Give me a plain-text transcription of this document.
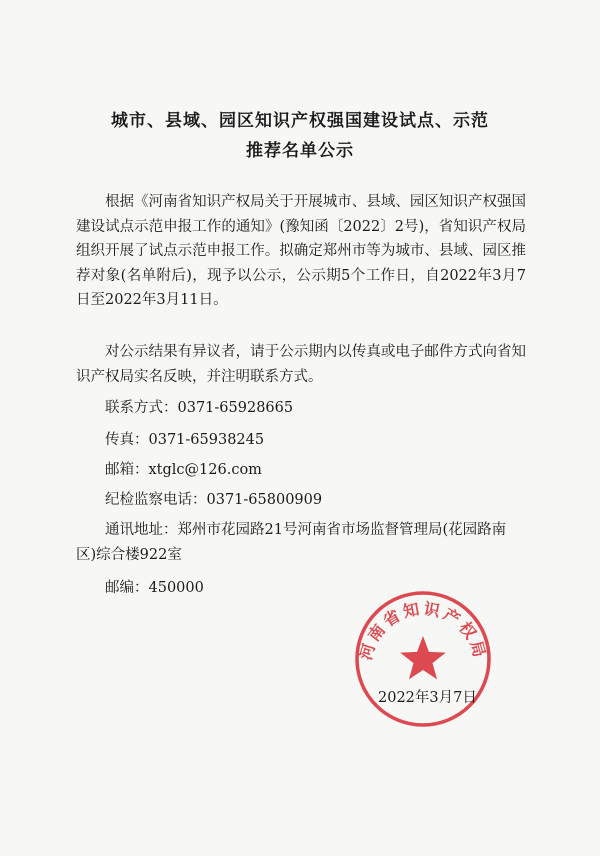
城市、县域、园区知识产权强国建设试点、示范
推荐名单公示
根据《河南省知识产权局关于开展城市、县域、园区知识产权强国建设试点示范申报工作的通知》(豫知函〔2022〕2号)，省知识产权局组织开展了试点示范申报工作。拟确定郑州市等为城市、县域、园区推荐对象(名单附后)，现予以公示，公示期5个工作日，自2022年3月7日至2022年3月11日。
对公示结果有异议者，请于公示期内以传真或电子邮件方式向省知识产权局实名反映，并注明联系方式。
联系方式：0371-65928665
传真：0371-65938245
邮箱：xtglc@126.com
纪检监察电话：0371-65800909
通讯地址：郑州市花园路21号河南省市场监督管理局(花园路南区)综合楼922室
邮编：450000
河南省知识产权局
2022年3月7日
